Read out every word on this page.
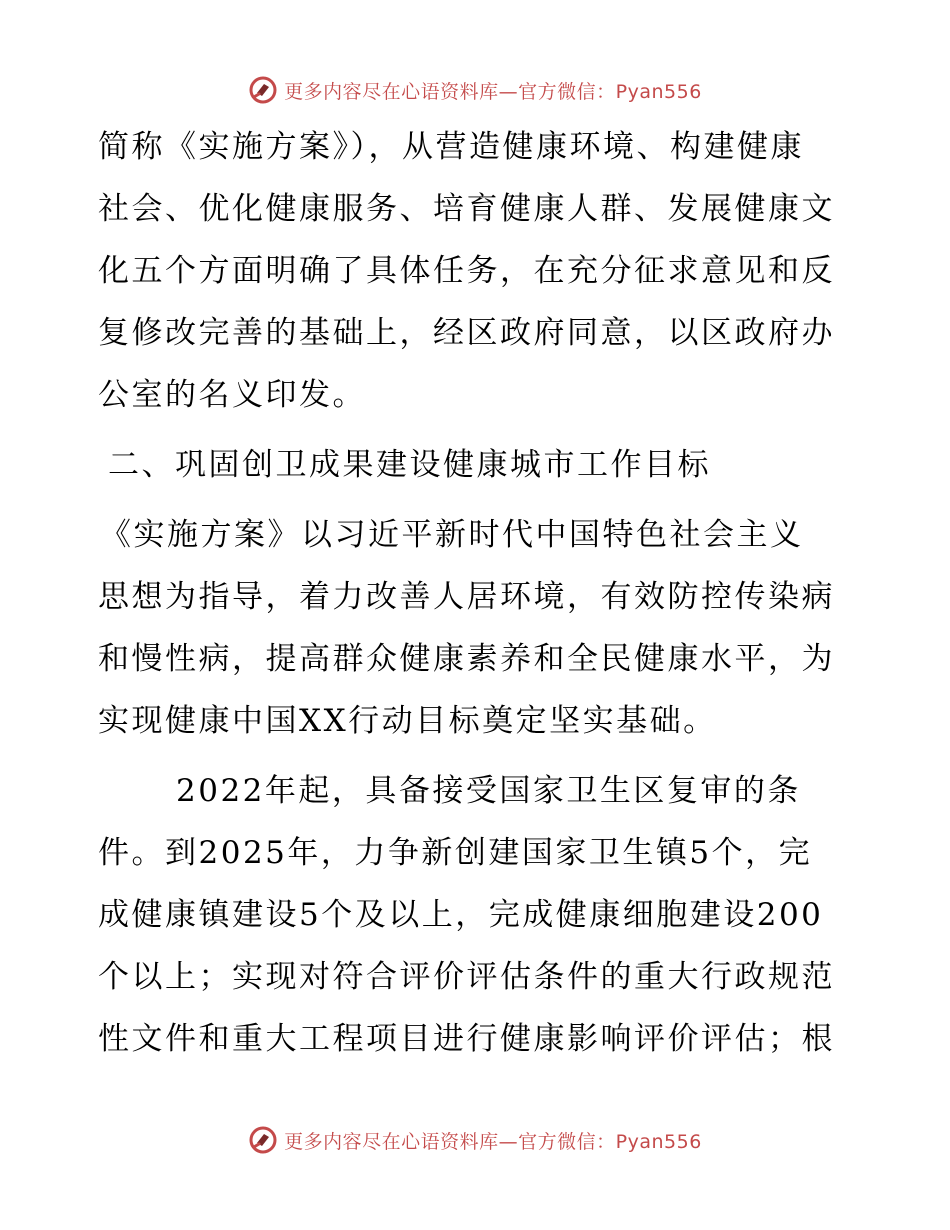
更多内容尽在心语资料库—官方微信：Pyan556
简称《实施方案》），从营造健康环境、构建健康
社会、优化健康服务、培育健康人群、发展健康文
化五个方面明确了具体任务，在充分征求意见和反
复修改完善的基础上，经区政府同意，以区政府办
公室的名义印发。
二、巩固创卫成果建设健康城市工作目标
《实施方案》以习近平新时代中国特色社会主义
思想为指导，着力改善人居环境，有效防控传染病
和慢性病，提高群众健康素养和全民健康水平，为
实现健康中国XX行动目标奠定坚实基础。
2022年起，具备接受国家卫生区复审的条
件。到2025年，力争新创建国家卫生镇5个，完
成健康镇建设5个及以上，完成健康细胞建设200
个以上；实现对符合评价评估条件的重大行政规范
性文件和重大工程项目进行健康影响评价评估；根
更多内容尽在心语资料库—官方微信：Pyan556
